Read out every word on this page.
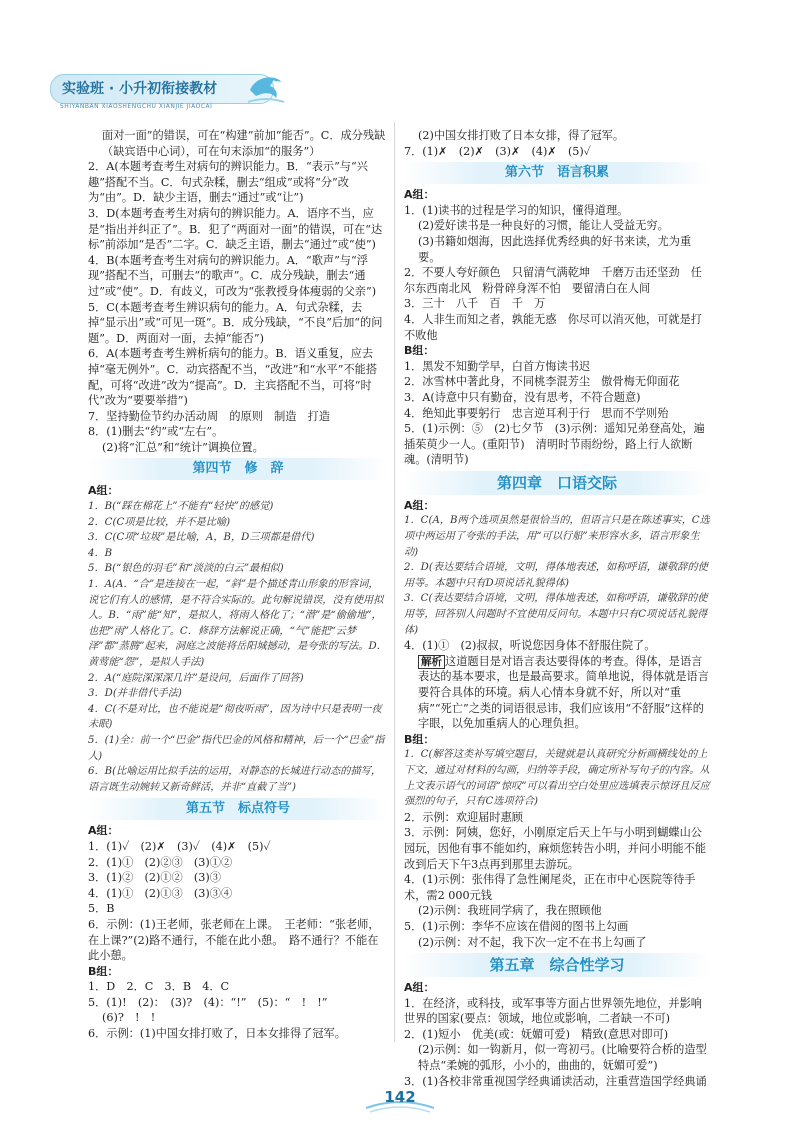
实验班 · 小升初衔接教材
SHIYANBAN XIAOSHENGCHU XIANJIE JIAOCAI

面对一面”的错误，可在“构建”前加“能否”。C．成分残缺

（缺宾语中心词），可在句末添加“的服务”）

2．A(本题考查考生对病句的辨识能力。B．“表示”与“兴趣”搭配不当。C．句式杂糅，删去“组成”或将“分”改为“由”。D．缺少主语，删去“通过”或“让”)

3．D(本题考查考生对病句的辨识能力。A．语序不当，应是“指出并纠正了”。B．犯了“两面对一面”的错误，可在“达标”前添加“是否”二字。C．缺乏主语，删去“通过”或“使”)

4．B(本题考查考生对病句的辨识能力。A．“歌声”与“浮现”搭配不当，可删去“的歌声”。C．成分残缺，删去“通过”或“使”。D．有歧义，可改为“张教授身体瘦弱的父亲”)

5．C(本题考查考生辨识病句的能力。A．句式杂糅，去掉“显示出”或“可见一斑”。B．成分残缺，“不良”后加“的问题”。D．两面对一面，去掉“能否”)

6．A(本题考查考生辨析病句的能力。B．语义重复，应去掉“毫无例外”。C．动宾搭配不当，“改进”和“水平”不能搭配，可将“改进”改为“提高”。D．主宾搭配不当，可将“时代”改为“要要举措”)

7．坚持勤俭节约办活动周　的原则　制造　打造

8．(1)删去“约”或“左右”。

(2)将“汇总”和“统计”调换位置。

第四节　修　辞
A组：

1．B(“踩在棉花上”不能有“轻快”的感觉)

2．C(C项是比较，并不是比喻)

3．C(C项“垃圾”是比喻，A，B，D三项都是借代)

4．B

5．B(“银色的羽毛”和“淡淡的白云”最相似)

1．A(A．“合”是连接在一起，“斜”是个描述青山形象的形容词，说它们有人的感情，是不符合实际的。此句解说错误，没有使用拟人。B．“雨”能“知”，是拟人，将雨人格化了；“潜”是“偷偷地”，也把“雨”人格化了。C．修辞方法解说正确，“气”能把“云梦泽”都“蒸腾”起来，洞庭之波能将岳阳城撼动，是夸张的写法。D．黄莺能“怨”，是拟人手法)

2．A(“庭院深深深几许”是设问，后面作了回答)

3．D(并非借代手法)

4．C(不是对比，也不能说是“彻夜听雨”，因为诗中只是表明一夜未眠)

5．(1)全：前一个“巴金”指代巴金的风格和精神，后一个“巴金”指人)

6．B(比喻运用比拟手法的运用，对静态的长城进行动态的描写，语言既生动婉转又新奇鲜活，并非“直截了当”)

第五节　标点符号
A组：

1．(1)✓　(2)✗　(3)✓　(4)✗　(5)✓

2．(1)①　(2)②③　(3)①②

3．(1)②　(2)①②　(3)③

4．(1)①　(2)①③　(3)③④

5．B

6．示例：(1)王老师，张老师在上课。　王老师：“张老师，在上课?”(2)路不通行，不能在此小憩。　路不通行？不能在此小憩。

B组：

1．D　2．C　3．B　4．C

5．(1)!　(2)：　(3)?　(4)：“!”　(5)：“　!　!”

(6)?　!　!

6．示例：(1)中国女排打败了，日本女排得了冠军。

(2)中国女排打败了日本女排，得了冠军。

7．(1)✗　(2)✗　(3)✗　(4)✗　(5)✓

第六节　语言积累
A组：

1．(1)读书的过程是学习的知识，懂得道理。

(2)爱好读书是一种良好的习惯，能让人受益无穷。

(3)书籍如烟海，因此选择优秀经典的好书来读，尤为重要。

2．不要人夸好颜色　只留清气满乾坤　千磨万击还坚劲　任尔东西南北风　粉骨碎身浑不怕　要留清白在人间

3．三十　八千　百　千　万

4．人非生而知之者，孰能无惑　你尽可以消灭他，可就是打不败他

B组：

1．黑发不知勤学早，白首方悔读书迟

2．冰雪林中著此身，不同桃李混芳尘　傲骨梅无仰面花

3．A(诗意中只有勤奋，没有思考，不符合题意)

4．绝知此事要躬行　忠言逆耳利于行　思而不学则殆

5．(1)示例：⑤　(2)七夕节　(3)示例：遥知兄弟登高处，遍插茱萸少一人。(重阳节)　清明时节雨纷纷，路上行人欲断魂。(清明节)

第四章　口语交际
A组：

1．C(A，B两个选项虽然是很恰当的，但语言只是在陈述事实，C选项中两运用了夸张的手法，用“可以行船”来形容水多，语言形象生动)

2．D(表达要结合语境，文明，得体地表述，如称呼语，谦敬辞的使用等。本题中只有D项说话礼貌得体)

3．C(表达要结合语境，文明，得体地表述，如称呼语，谦敬辞的使用等，回答别人问题时不宜使用反问句。本题中只有C项说话礼貌得体)

4．(1)①　(2)叔叔，听说您因身体不舒服住院了。

解析 这道题目是对语言表达要得体的考查。得体，是语言表达的基本要求，也是最高要求。简单地说，得体就是语言要符合具体的环境。病人心情本身就不好，所以对“重病”“死亡”之类的词语很忌讳，我们应该用“不舒服”这样的字眼，以免加重病人的心理负担。

B组：

1．C(解答这类补写填空题目，关键就是认真研究分析画横线处的上下文，通过对材料的勾画，归纳等手段，确定所补写句子的内容。从上文表示语气的词语“惊叹”可以看出空白处里应选填表示惊讶且反应强烈的句子，只有C选项符合)

2．示例：欢迎届时惠顾

3．示例：阿姨，您好，小刚原定后天上午与小明到蝴蝶山公园玩，因他有事不能如约，麻烦您转告小明，并问小明能不能改到后天下午3点再到那里去游玩。

4．(1)示例：张伟得了急性阑尾炎，正在市中心医院等待手术，需2 000元钱

(2)示例：我班同学病了，我在照顾他

5．(1)示例：李华不应该在借阅的图书上勾画

(2)示例：对不起，我下次一定不在书上勾画了

第五章　综合性学习
A组：

1．在经济，或科技，或军事等方面占世界领先地位，并影响世界的国家(要点：领域，地位或影响，二者缺一不可)

2．(1)短小　优美(或：妩媚可爱)　精致(意思对即可)

(2)示例：如一钩新月，似一弯初弓。(比喻要符合桥的造型特点“柔婉的弧形，小小的，曲曲的，妩媚可爱”)

3．(1)各校非常重视国学经典诵读活动，注重营造国学经典诵

142
